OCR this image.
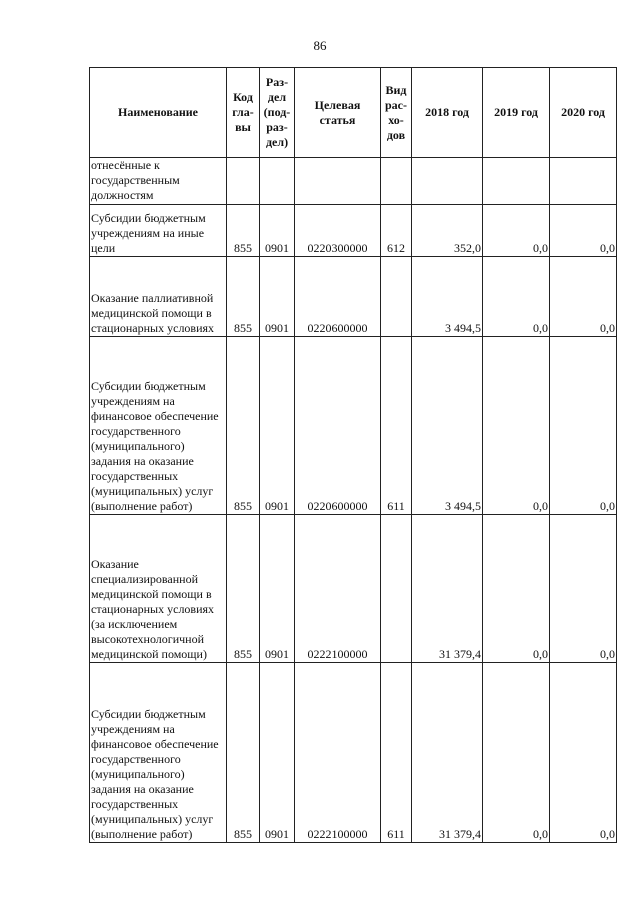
86
Наименование	Код гла-вы	Раз-дел (под-раз-дел)	Целевая статья	Вид рас-хо-дов	2018 год	2019 год	2020 год
отнесённые к государственным должностям							
Субсидии бюджетным учреждениям на иные цели	855	0901	0220300000	612	352,0	0,0	0,0
Оказание паллиативной медицинской помощи в стационарных условиях	855	0901	0220600000		3 494,5	0,0	0,0
Субсидии бюджетным учреждениям на финансовое обеспечение государственного (муниципального) задания на оказание государственных (муниципальных) услуг (выполнение работ)	855	0901	0220600000	611	3 494,5	0,0	0,0
Оказание специализированной медицинской помощи в стационарных условиях (за исключением высокотехнологичной медицинской помощи)	855	0901	0222100000		31 379,4	0,0	0,0
Субсидии бюджетным учреждениям на финансовое обеспечение государственного (муниципального) задания на оказание государственных (муниципальных) услуг (выполнение работ)	855	0901	0222100000	611	31 379,4	0,0	0,0
